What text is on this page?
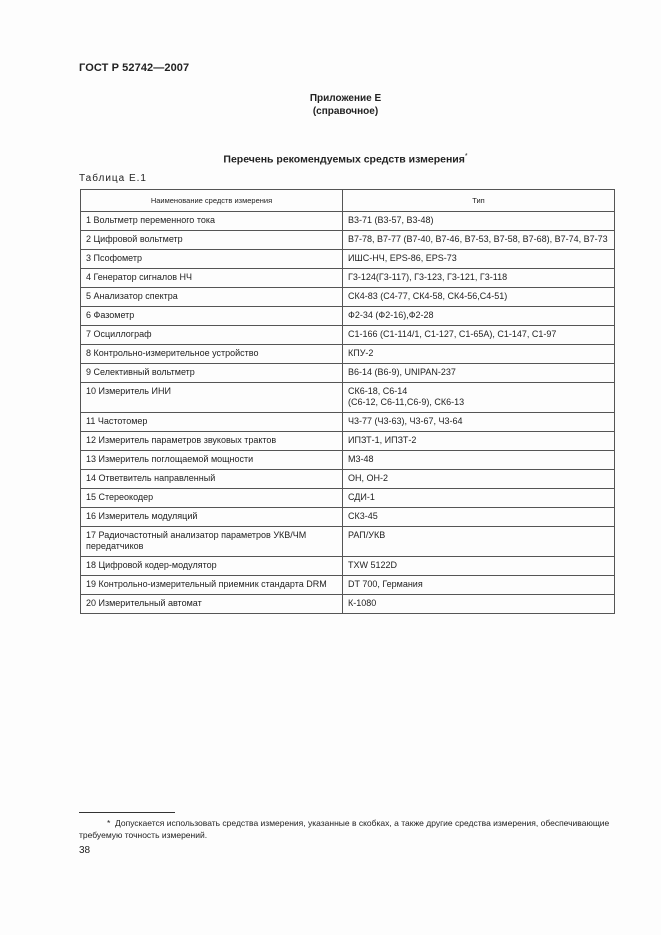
ГОСТ Р 52742—2007
Приложение Е
(справочное)
Перечень рекомендуемых средств измерения*
Таблица Е.1
Наименование средств измерения	Тип
1 Вольтметр переменного тока	В3-71 (В3-57, В3-48)
2 Цифровой вольтметр	В7-78, В7-77 (В7-40, В7-46, В7-53, В7-58, В7-68), В7-74, В7-73
3 Псофометр	ИШС-НЧ, EPS-86, EPS-73
4 Генератор сигналов НЧ	Г3-124(Г3-117), Г3-123, Г3-121, Г3-118
5 Анализатор спектра	СК4-83 (С4-77, СК4-58, СК4-56,С4-51)
6 Фазометр	Ф2-34 (Ф2-16),Ф2-28
7 Осциллограф	С1-166 (С1-114/1, С1-127, С1-65А), С1-147, С1-97
8 Контрольно-измерительное устройство	КПУ-2
9 Селективный вольтметр	В6-14 (В6-9), UNIPAN-237
10 Измеритель ИНИ	СК6-18, С6-14
(С6-12, С6-11,С6-9), СК6-13
11 Частотомер	Ч3-77 (Ч3-63), Ч3-67, Ч3-64
12 Измеритель параметров звуковых трактов	ИПЗТ-1, ИПЗТ-2
13 Измеритель поглощаемой мощности	М3-48
14 Ответвитель направленный	ОН, ОН-2
15 Стереокодер	СДИ-1
16 Измеритель модуляций	СК3-45
17 Радиочастотный анализатор параметров УКВ/ЧМ передатчиков	РАП/УКВ
18 Цифровой кодер-модулятор	TXW 5122D
19 Контрольно-измерительный приемник стандарта DRM	DT 700, Германия
20 Измерительный автомат	К-1080
* Допускается использовать средства измерения, указанные в скобках, а также другие средства измерения, обеспечивающие требуемую точность измерений.
38
